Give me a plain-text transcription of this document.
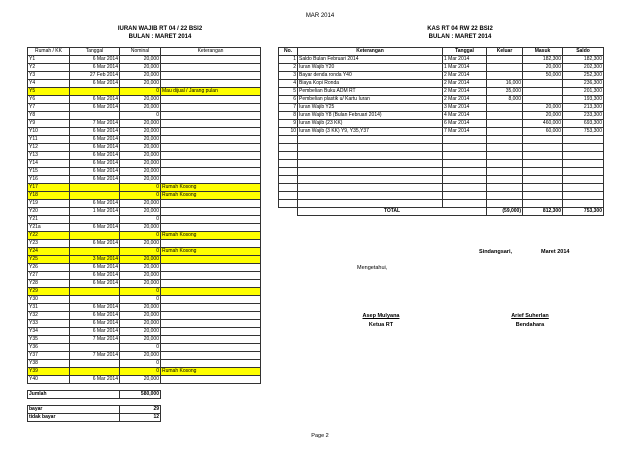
MAR 2014
IURAN WAJIB RT 04 / 22 BSI2
BULAN : MARET 2014
KAS RT 04 RW 22 BSI2
BULAN : MARET 2014
Rumah / KK	Tanggal	Nominal	Keterangan
Y1	6 Mar 2014	20,000	
Y2	6 Mar 2014	20,000	
Y3	27 Feb 2014	20,000	
Y4	6 Mar 2014	20,000	
Y5		0	Mau dijual / Jarang pulan
Y6	6 Mar 2014	20,000	
Y7	6 Mar 2014	20,000	
Y8		0	
Y9	7 Mar 2014	20,000	
Y10	6 Mar 2014	20,000	
Y11	6 Mar 2014	20,000	
Y12	6 Mar 2014	20,000	
Y13	6 Mar 2014	20,000	
Y14	6 Mar 2014	20,000	
Y15	6 Mar 2014	20,000	
Y16	6 Mar 2014	20,000	
Y17		0	Rumah Kosong
Y18		0	Rumah Kosong
Y19	6 Mar 2014	20,000	
Y20	1 Mar 2014	20,000	
Y21		0	
Y21a	6 Mar 2014	20,000	
Y22		0	Rumah Kosong
Y23	6 Mar 2014	20,000	
Y24		0	Rumah Kosong
Y25	3 Mar 2014	20,000	
Y26	6 Mar 2014	20,000	
Y27	6 Mar 2014	20,000	
Y28	6 Mar 2014	20,000	
Y29		0	
Y30		0	
Y31	6 Mar 2014	20,000	
Y32	6 Mar 2014	20,000	
Y33	6 Mar 2014	20,000	
Y34	6 Mar 2014	20,000	
Y35	7 Mar 2014	20,000	
Y36		0	
Y37	7 Mar 2014	20,000	
Y38		0	
Y39		0	Rumah Kosong
Y40	6 Mar 2014	20,000	
Jumlah	580,000
bayar	29
tidak bayar	12
No.	Keterangan	Tanggal	Keluar	Masuk	Saldo
1	Saldo Bulan Februari 2014	1 Mar 2014		182,300	182,300
2	Iuran Wajib Y20	1 Mar 2014		20,000	202,300
3	Bayar denda ronda Y40	2 Mar 2014		50,000	252,300
4	Biaya Kopi Ronda	2 Mar 2014	16,000		236,300
5	Pembelian Buku ADM RT	2 Mar 2014	35,000		201,300
6	Pembelian plastik u/ Kartu Iuran	2 Mar 2014	8,000		193,300
7	Iuran Wajib Y25	3 Mar 2014		20,000	213,300
8	Iuran Wajib Y8 (Bulan Februari 2014)	4 Mar 2014		20,000	233,300
9	Iuran Wajib (23 KK)	6 Mar 2014		460,000	693,300
10	Iuran Wajib (3 KK) Y9, Y35,Y37	7 Mar 2014		60,000	753,300

	TOTAL		(59,000)	812,300	753,300
Sindangsari,	Maret 2014
Mengetahui,
Asep Mulyana
Ketua RT
Arief Suherlan
Bendahara
Page 2
